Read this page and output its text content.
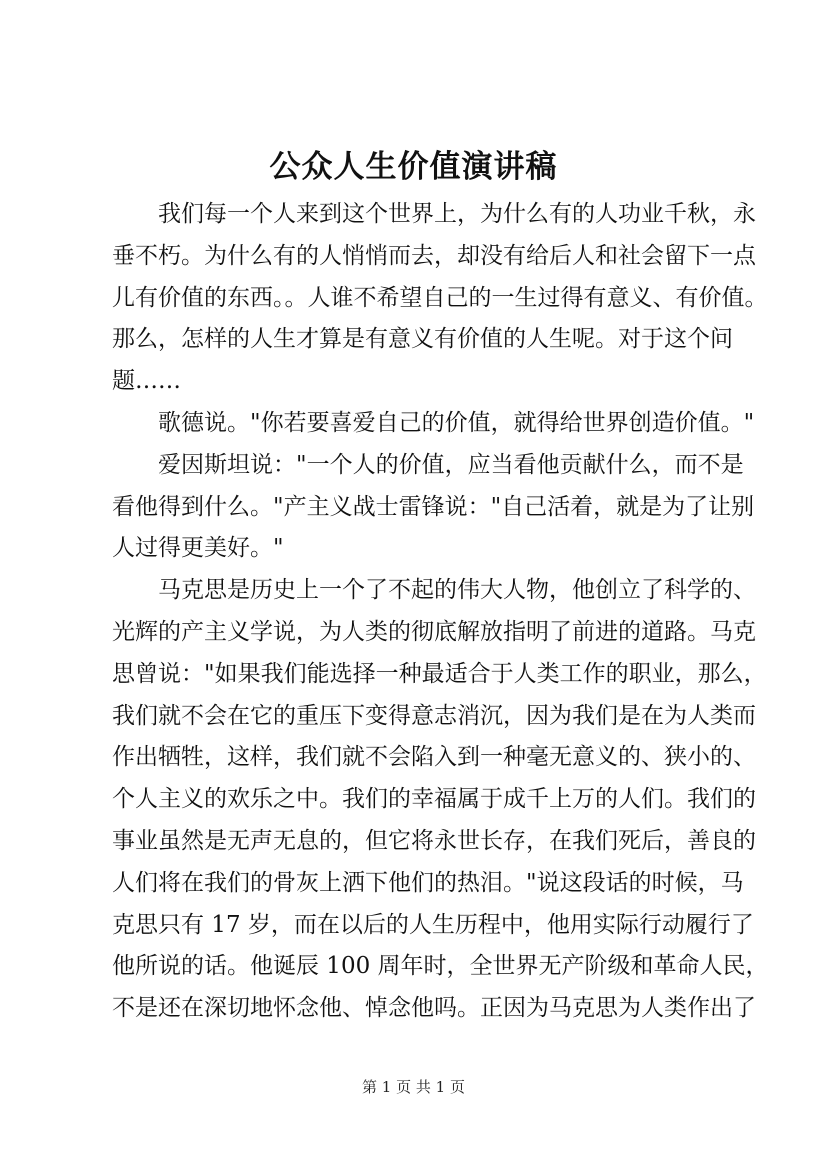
公众人生价值演讲稿
我们每一个人来到这个世界上，为什么有的人功业千秋，永
垂不朽。为什么有的人悄悄而去，却没有给后人和社会留下一点
儿有价值的东西。。人谁不希望自己的一生过得有意义、有价值。
那么，怎样的人生才算是有意义有价值的人生呢。对于这个问
题……
歌德说。"你若要喜爱自己的价值，就得给世界创造价值。"
爱因斯坦说："一个人的价值，应当看他贡献什么，而不是
看他得到什么。"产主义战士雷锋说："自己活着，就是为了让别
人过得更美好。"
马克思是历史上一个了不起的伟大人物，他创立了科学的、
光辉的产主义学说，为人类的彻底解放指明了前进的道路。马克
思曾说："如果我们能选择一种最适合于人类工作的职业，那么，
我们就不会在它的重压下变得意志消沉，因为我们是在为人类而
作出牺牲，这样，我们就不会陷入到一种毫无意义的、狭小的、
个人主义的欢乐之中。我们的幸福属于成千上万的人们。我们的
事业虽然是无声无息的，但它将永世长存，在我们死后，善良的
人们将在我们的骨灰上洒下他们的热泪。"说这段话的时候，马
克思只有 17 岁，而在以后的人生历程中，他用实际行动履行了
他所说的话。他诞辰 100 周年时，全世界无产阶级和革命人民，
不是还在深切地怀念他、悼念他吗。正因为马克思为人类作出了
第 1 页 共 1 页
